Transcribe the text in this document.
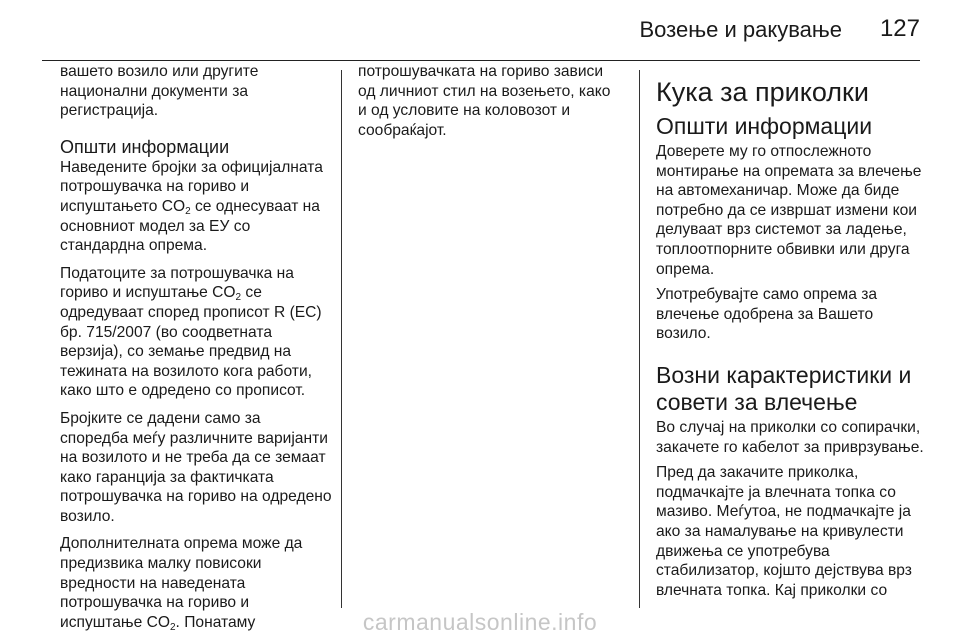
Возење и ракување 127

вашето возило или другите национални документи за регистрација.

Општи информации

Наведените бројки за официјалната потрошувачка на гориво и испуштањето $CO_2$ се однесуваат на основниот модел за ЕУ со стандардна опрема.

Податоците за потрошувачка на гориво и испуштање $CO_2$ се одредуваат според прописот R (ЕС) бр. 715/2007 (во соодветната верзија), со земање предвид на тежината на возилото кога работи, како што е одредено со прописот.

Бројките се дадени само за споредба меѓу различните варијанти на возилото и не треба да се земаат како гаранција за фактичката потрошувачка на гориво на одредено возило.

Дополнителната опрема може да предизвика малку повисоки вредности на наведената потрошувачка на гориво и испуштање $CO_2$. Понатаму

потрошувачката на гориво зависи од личниот стил на возењето, како и од условите на коловозот и сообраќајот.

Кука за приколки
Општи информации

Доверете му го отпослежното монтирање на опремата за влечење на автомеханичар. Може да биде потребно да се извршат измени кои делуваат врз системот за ладење, топлоотпорните обвивки или друга опрема.

Употребувајте само опрема за влечење одобрена за Вашето возило.

Возни карактеристики и совети за влечење

Во случај на приколки со сопирачки, закачете го кабелот за приврзување.

Пред да закачите приколка, подмачкајте ја влечната топка со мазиво. Меѓутоа, не подмачкајте ја ако за намалување на кривулести движења се употребува стабилизатор, којшто дејствува врз влечната топка. Кај приколки со

carmanualsonline.info
